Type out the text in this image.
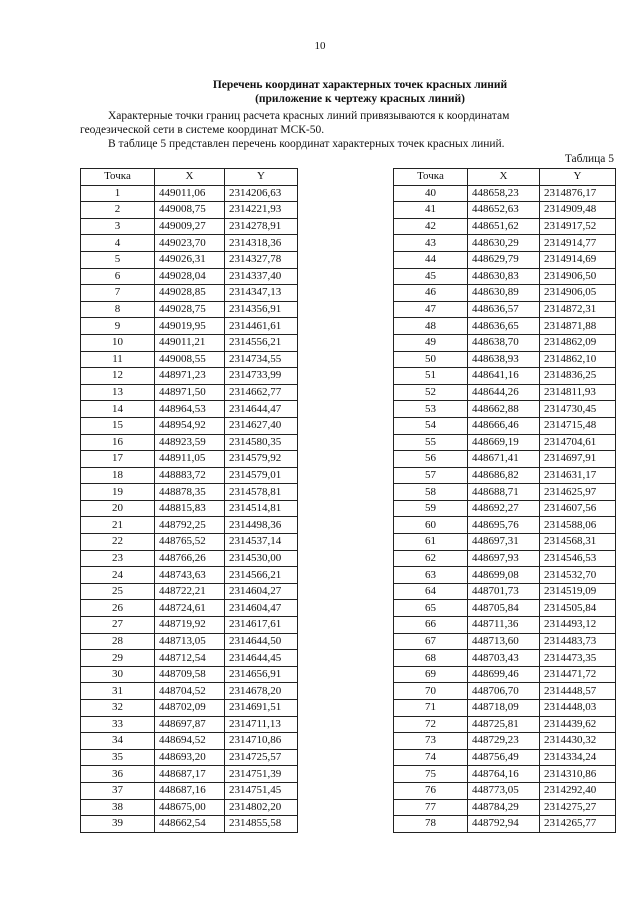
10
Перечень координат характерных точек красных линий
(приложение к чертежу красных линий)

Характерные точки границ расчета красных линий привязываются к координатам

геодезической сети в системе координат МСК-50.

В таблице 5 представлен перечень координат характерных точек красных линий.

Таблица 5
Точка	X	Y
1	449011,06	2314206,63
2	449008,75	2314221,93
3	449009,27	2314278,91
4	449023,70	2314318,36
5	449026,31	2314327,78
6	449028,04	2314337,40
7	449028,85	2314347,13
8	449028,75	2314356,91
9	449019,95	2314461,61
10	449011,21	2314556,21
11	449008,55	2314734,55
12	448971,23	2314733,99
13	448971,50	2314662,77
14	448964,53	2314644,47
15	448954,92	2314627,40
16	448923,59	2314580,35
17	448911,05	2314579,92
18	448883,72	2314579,01
19	448878,35	2314578,81
20	448815,83	2314514,81
21	448792,25	2314498,36
22	448765,52	2314537,14
23	448766,26	2314530,00
24	448743,63	2314566,21
25	448722,21	2314604,27
26	448724,61	2314604,47
27	448719,92	2314617,61
28	448713,05	2314644,50
29	448712,54	2314644,45
30	448709,58	2314656,91
31	448704,52	2314678,20
32	448702,09	2314691,51
33	448697,87	2314711,13
34	448694,52	2314710,86
35	448693,20	2314725,57
36	448687,17	2314751,39
37	448687,16	2314751,45
38	448675,00	2314802,20
39	448662,54	2314855,58
Точка	X	Y
40	448658,23	2314876,17
41	448652,63	2314909,48
42	448651,62	2314917,52
43	448630,29	2314914,77
44	448629,79	2314914,69
45	448630,83	2314906,50
46	448630,89	2314906,05
47	448636,57	2314872,31
48	448636,65	2314871,88
49	448638,70	2314862,09
50	448638,93	2314862,10
51	448641,16	2314836,25
52	448644,26	2314811,93
53	448662,88	2314730,45
54	448666,46	2314715,48
55	448669,19	2314704,61
56	448671,41	2314697,91
57	448686,82	2314631,17
58	448688,71	2314625,97
59	448692,27	2314607,56
60	448695,76	2314588,06
61	448697,31	2314568,31
62	448697,93	2314546,53
63	448699,08	2314532,70
64	448701,73	2314519,09
65	448705,84	2314505,84
66	448711,36	2314493,12
67	448713,60	2314483,73
68	448703,43	2314473,35
69	448699,46	2314471,72
70	448706,70	2314448,57
71	448718,09	2314448,03
72	448725,81	2314439,62
73	448729,23	2314430,32
74	448756,49	2314334,24
75	448764,16	2314310,86
76	448773,05	2314292,40
77	448784,29	2314275,27
78	448792,94	2314265,77
